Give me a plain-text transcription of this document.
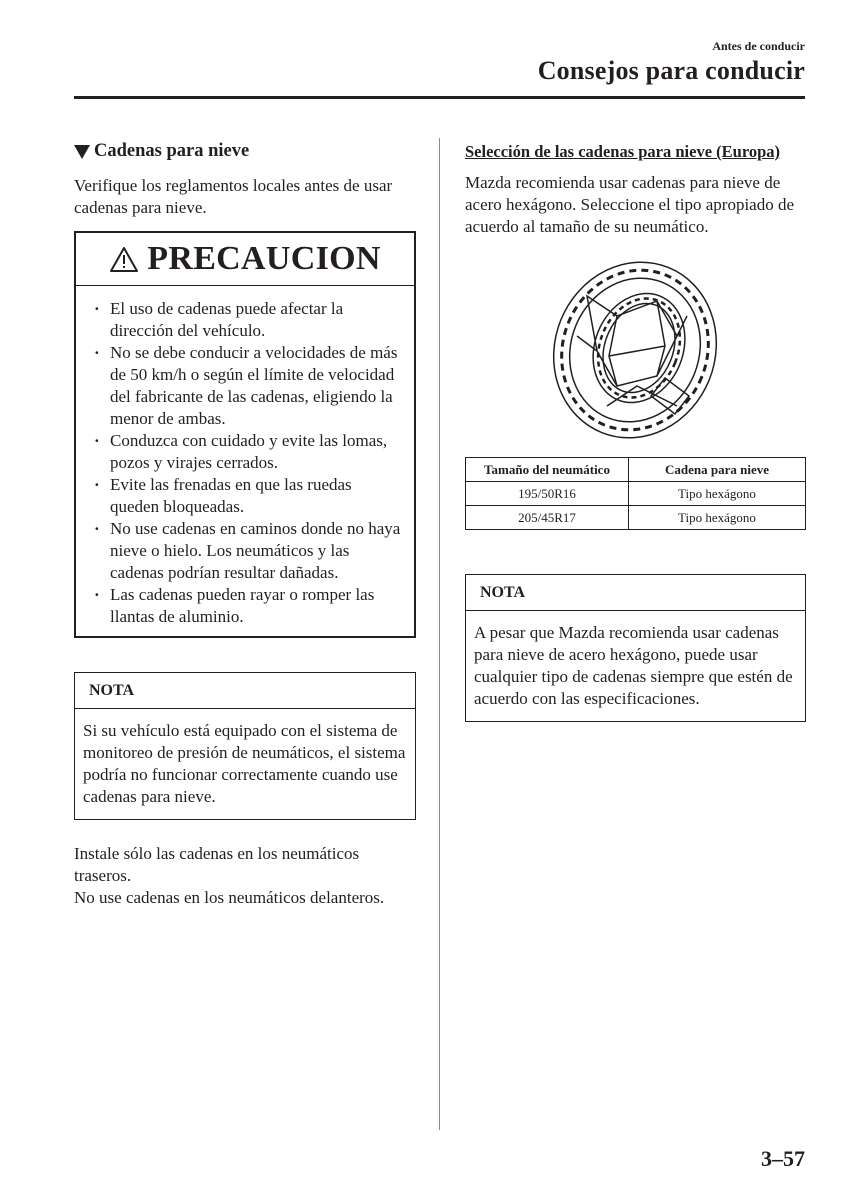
Antes de conducir
Consejos para conducir
Cadenas para nieve

Verifique los reglamentos locales antes de usar cadenas para nieve.

PRECAUCION
· El uso de cadenas puede afectar la dirección del vehículo.
· No se debe conducir a velocidades de más de 50 km/h o según el límite de velocidad del fabricante de las cadenas, eligiendo la menor de ambas.
· Conduzca con cuidado y evite las lomas, pozos y virajes cerrados.
· Evite las frenadas en que las ruedas queden bloqueadas.
· No use cadenas en caminos donde no haya nieve o hielo. Los neumáticos y las cadenas podrían resultar dañadas.
· Las cadenas pueden rayar o romper las llantas de aluminio.
NOTA
Si su vehículo está equipado con el sistema de monitoreo de presión de neumáticos, el sistema podría no funcionar correctamente cuando use cadenas para nieve.

Instale sólo las cadenas en los neumáticos traseros.

No use cadenas en los neumáticos delanteros.

Selección de las cadenas para nieve (Europa)

Mazda recomienda usar cadenas para nieve de acero hexágono. Seleccione el tipo apropiado de acuerdo al tamaño de su neumático.

Tamaño del neumático	Cadena para nieve
195/50R16	Tipo hexágono
205/45R17	Tipo hexágono
NOTA
A pesar que Mazda recomienda usar cadenas para nieve de acero hexágono, puede usar cualquier tipo de cadenas siempre que estén de acuerdo con las especificaciones.
3–57
